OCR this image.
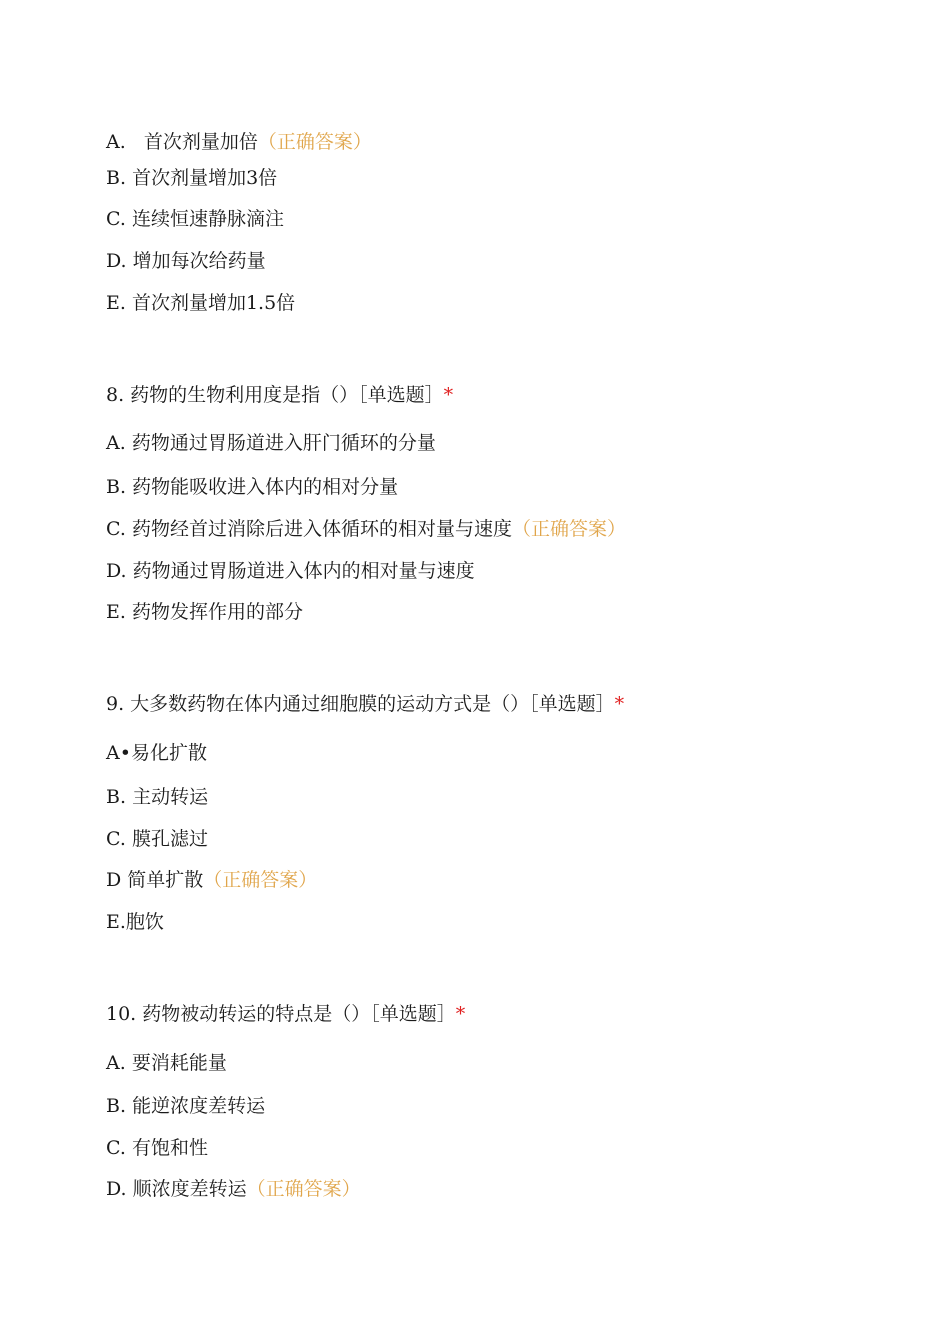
A. 首次剂量加倍（正确答案）
B. 首次剂量增加3倍
C. 连续恒速静脉滴注
D. 增加每次给药量
E. 首次剂量增加1.5倍
8. 药物的生物利用度是指（）［单选题］*
A. 药物通过胃肠道进入肝门循环的分量
B. 药物能吸收进入体内的相对分量
C. 药物经首过消除后进入体循环的相对量与速度（正确答案）
D. 药物通过胃肠道进入体内的相对量与速度
E. 药物发挥作用的部分
9. 大多数药物在体内通过细胞膜的运动方式是（）［单选题］*
A•易化扩散
B. 主动转运
C. 膜孔滤过
D 简单扩散（正确答案）
E.胞饮
10. 药物被动转运的特点是（）［单选题］*
A. 要消耗能量
B. 能逆浓度差转运
C. 有饱和性
D. 顺浓度差转运（正确答案）
